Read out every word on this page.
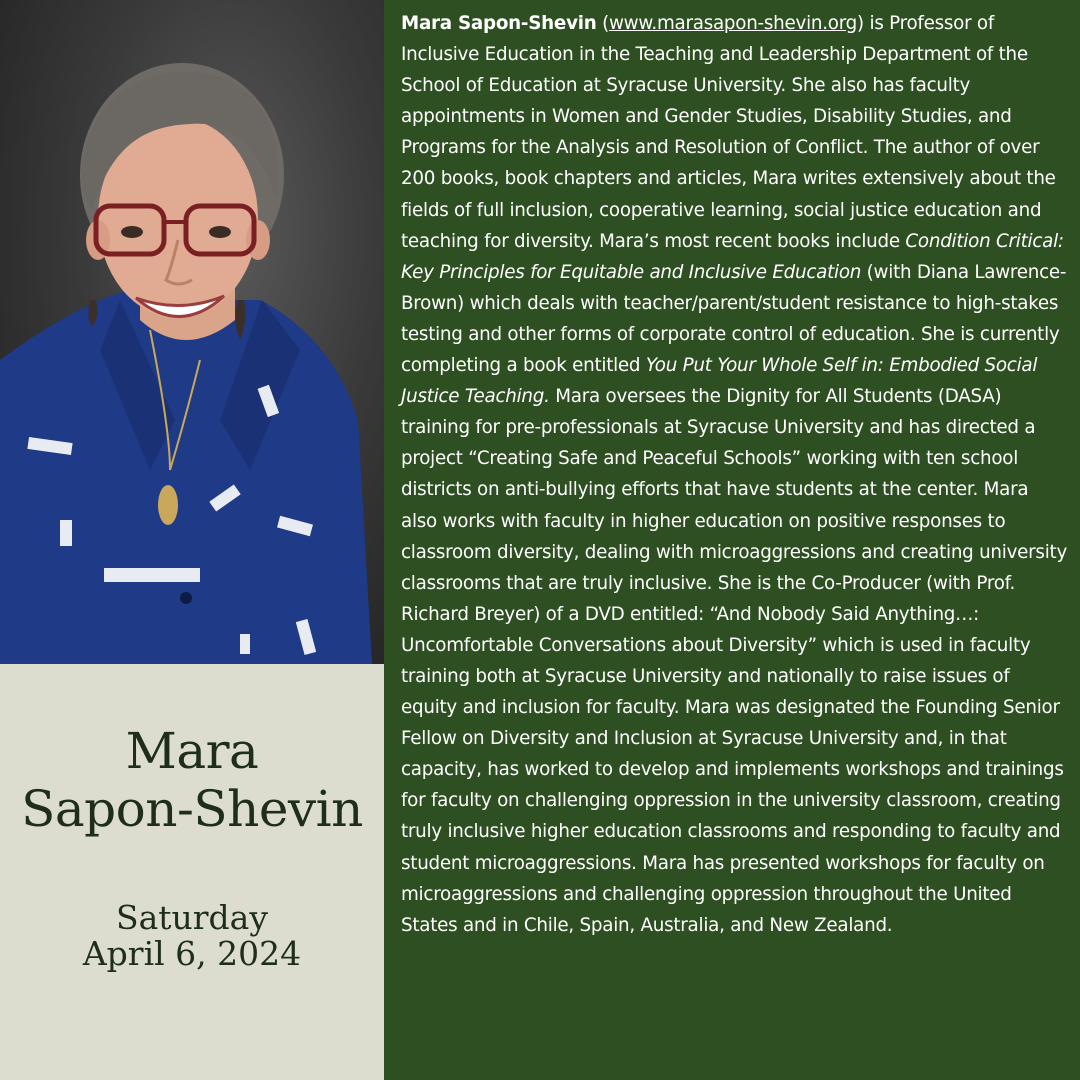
Mara
Sapon-Shevin
Saturday
April 6, 2024

Mara Sapon-Shevin (www.marasapon-shevin.org) is Professor of Inclusive Education in the Teaching and Leadership Department of the School of Education at Syracuse University. She also has faculty appointments in Women and Gender Studies, Disability Studies, and Programs for the Analysis and Resolution of Conflict. The author of over 200 books, book chapters and articles, Mara writes extensively about the fields of full inclusion, cooperative learning, social justice education and teaching for diversity. Mara’s most recent books include Condition Critical: Key Principles for Equitable and Inclusive Education (with Diana Lawrence-Brown) which deals with teacher/parent/student resistance to high-stakes testing and other forms of corporate control of education. She is currently completing a book entitled You Put Your Whole Self in: Embodied Social Justice Teaching. Mara oversees the Dignity for All Students (DASA) training for pre-professionals at Syracuse University and has directed a project “Creating Safe and Peaceful Schools” working with ten school districts on anti-bullying efforts that have students at the center. Mara also works with faculty in higher education on positive responses to classroom diversity, dealing with microaggressions and creating university classrooms that are truly inclusive. She is the Co-Producer (with Prof. Richard Breyer) of a DVD entitled: “And Nobody Said Anything…: Uncomfortable Conversations about Diversity” which is used in faculty training both at Syracuse University and nationally to raise issues of equity and inclusion for faculty. Mara was designated the Founding Senior Fellow on Diversity and Inclusion at Syracuse University and, in that capacity, has worked to develop and implements workshops and trainings for faculty on challenging oppression in the university classroom, creating truly inclusive higher education classrooms and responding to faculty and student microaggressions. Mara has presented workshops for faculty on microaggressions and challenging oppression throughout the United States and in Chile, Spain, Australia, and New Zealand.
